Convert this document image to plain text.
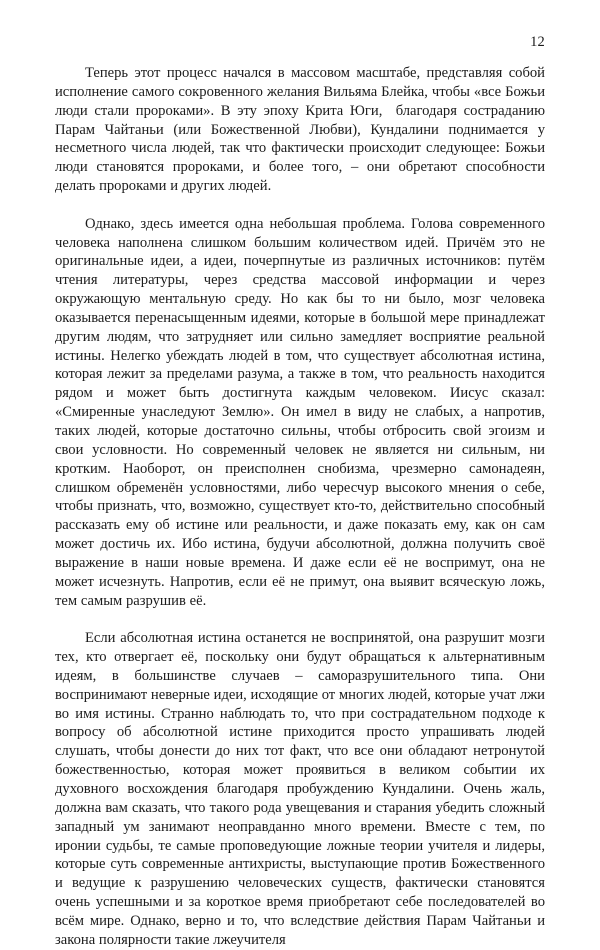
12

Теперь этот процесс начался в массовом масштабе, представляя собой исполнение самого сокровенного желания Вильяма Блейка, чтобы «все Божьи люди стали пророками». В эту эпоху Крита Юги,  благодаря состраданию Парам Чайтаньи (или Божественной Любви), Кундалини поднимается у несметного числа людей, так что фактически происходит следующее: Божьи люди становятся пророками, и более того, – они обретают способности делать пророками и других людей.

Однако, здесь имеется одна небольшая проблема. Голова современного человека наполнена слишком большим количеством идей. Причём это не оригинальные идеи, а идеи, почерпнутые из различных источников: путём чтения литературы, через средства массовой информации и через окружающую ментальную среду. Но как бы то ни было, мозг человека оказывается перенасыщенным идеями, которые в большой мере принадлежат другим людям, что затрудняет или сильно замедляет восприятие реальной истины. Нелегко убеждать людей в том, что существует абсолютная истина, которая лежит за пределами разума, а также в том, что реальность находится рядом и может быть достигнута каждым человеком. Иисус сказал: «Смиренные унаследуют Землю». Он имел в виду не слабых, а напротив, таких людей, которые достаточно сильны, чтобы отбросить свой эгоизм и свои условности. Но современный человек не является ни сильным, ни кротким. Наоборот, он преисполнен снобизма, чрезмерно самонадеян, слишком обременён условностями, либо чересчур высокого мнения о себе, чтобы признать, что, возможно, существует кто-то, действительно способный рассказать ему об истине или реальности, и даже показать ему, как он сам может достичь их. Ибо истина, будучи абсолютной, должна получить своё выражение в наши новые времена. И даже если её не воспримут, она не может исчезнуть. Напротив, если её не примут, она выявит всяческую ложь, тем самым разрушив её.

Если абсолютная истина останется не воспринятой, она разрушит мозги тех, кто отвергает её, поскольку они будут обращаться к альтернативным идеям, в большинстве случаев – саморазрушительного типа. Они воспринимают неверные идеи, исходящие от многих людей, которые учат лжи во имя истины. Странно наблюдать то, что при сострадательном подходе к вопросу об абсолютной истине приходится просто упрашивать людей слушать, чтобы донести до них тот факт, что все они обладают нетронутой божественностью, которая может проявиться в великом событии их духовного восхождения благодаря пробуждению Кундалини. Очень жаль, должна вам сказать, что такого рода увещевания и старания убедить сложный западный ум занимают неоправданно много времени. Вместе с тем, по иронии судьбы, те самые проповедующие ложные теории учителя и лидеры, которые суть современные антихристы, выступающие против Божественного и ведущие к разрушению человеческих существ, фактически становятся очень успешными и за короткое время приобретают себе последователей во всём мире. Однако, верно и то, что вследствие действия Парам Чайтаньи и закона полярности такие лжеучителя
